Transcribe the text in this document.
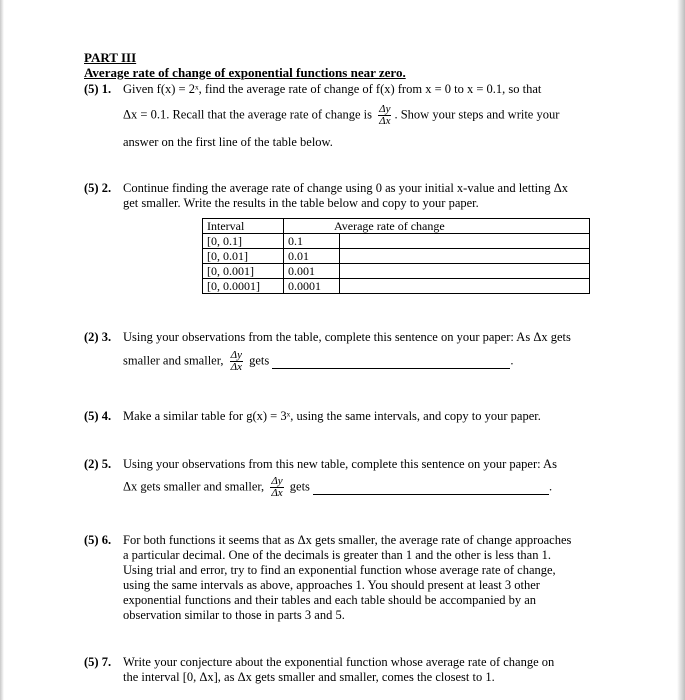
PART III
Average rate of change of exponential functions near zero.
(5) 1. Given f(x) = 2ˣ, find the average rate of change of f(x) from x = 0 to x = 0.1, so that
Δx = 0.1. Recall that the average rate of change is $\frac{\Delta y}{\Delta x}$ . Show your steps and write your
answer on the first line of the table below.
(5) 2. Continue finding the average rate of change using 0 as your initial x-value and letting Δx
get smaller. Write the results in the table below and copy to your paper.
Interval	Average rate of change	
[0, 0.1]	0.1	
[0, 0.01]	0.01	
[0, 0.001]	0.001	
[0, 0.0001]	0.0001	
(2) 3. Using your observations from the table, complete this sentence on your paper: As Δx gets
smaller and smaller, $\frac{\Delta y}{\Delta x}$ gets	.
(5) 4. Make a similar table for g(x) = 3ˣ, using the same intervals, and copy to your paper.
(2) 5. Using your observations from this new table, complete this sentence on your paper: As
Δx gets smaller and smaller, $\frac{\Delta y}{\Delta x}$ gets	.
(5) 6. For both functions it seems that as Δx gets smaller, the average rate of change approaches
a particular decimal. One of the decimals is greater than 1 and the other is less than 1.
Using trial and error, try to find an exponential function whose average rate of change,
using the same intervals as above, approaches 1. You should present at least 3 other
exponential functions and their tables and each table should be accompanied by an
observation similar to those in parts 3 and 5.
(5) 7. Write your conjecture about the exponential function whose average rate of change on
the interval [0, Δx], as Δx gets smaller and smaller, comes the closest to 1.
